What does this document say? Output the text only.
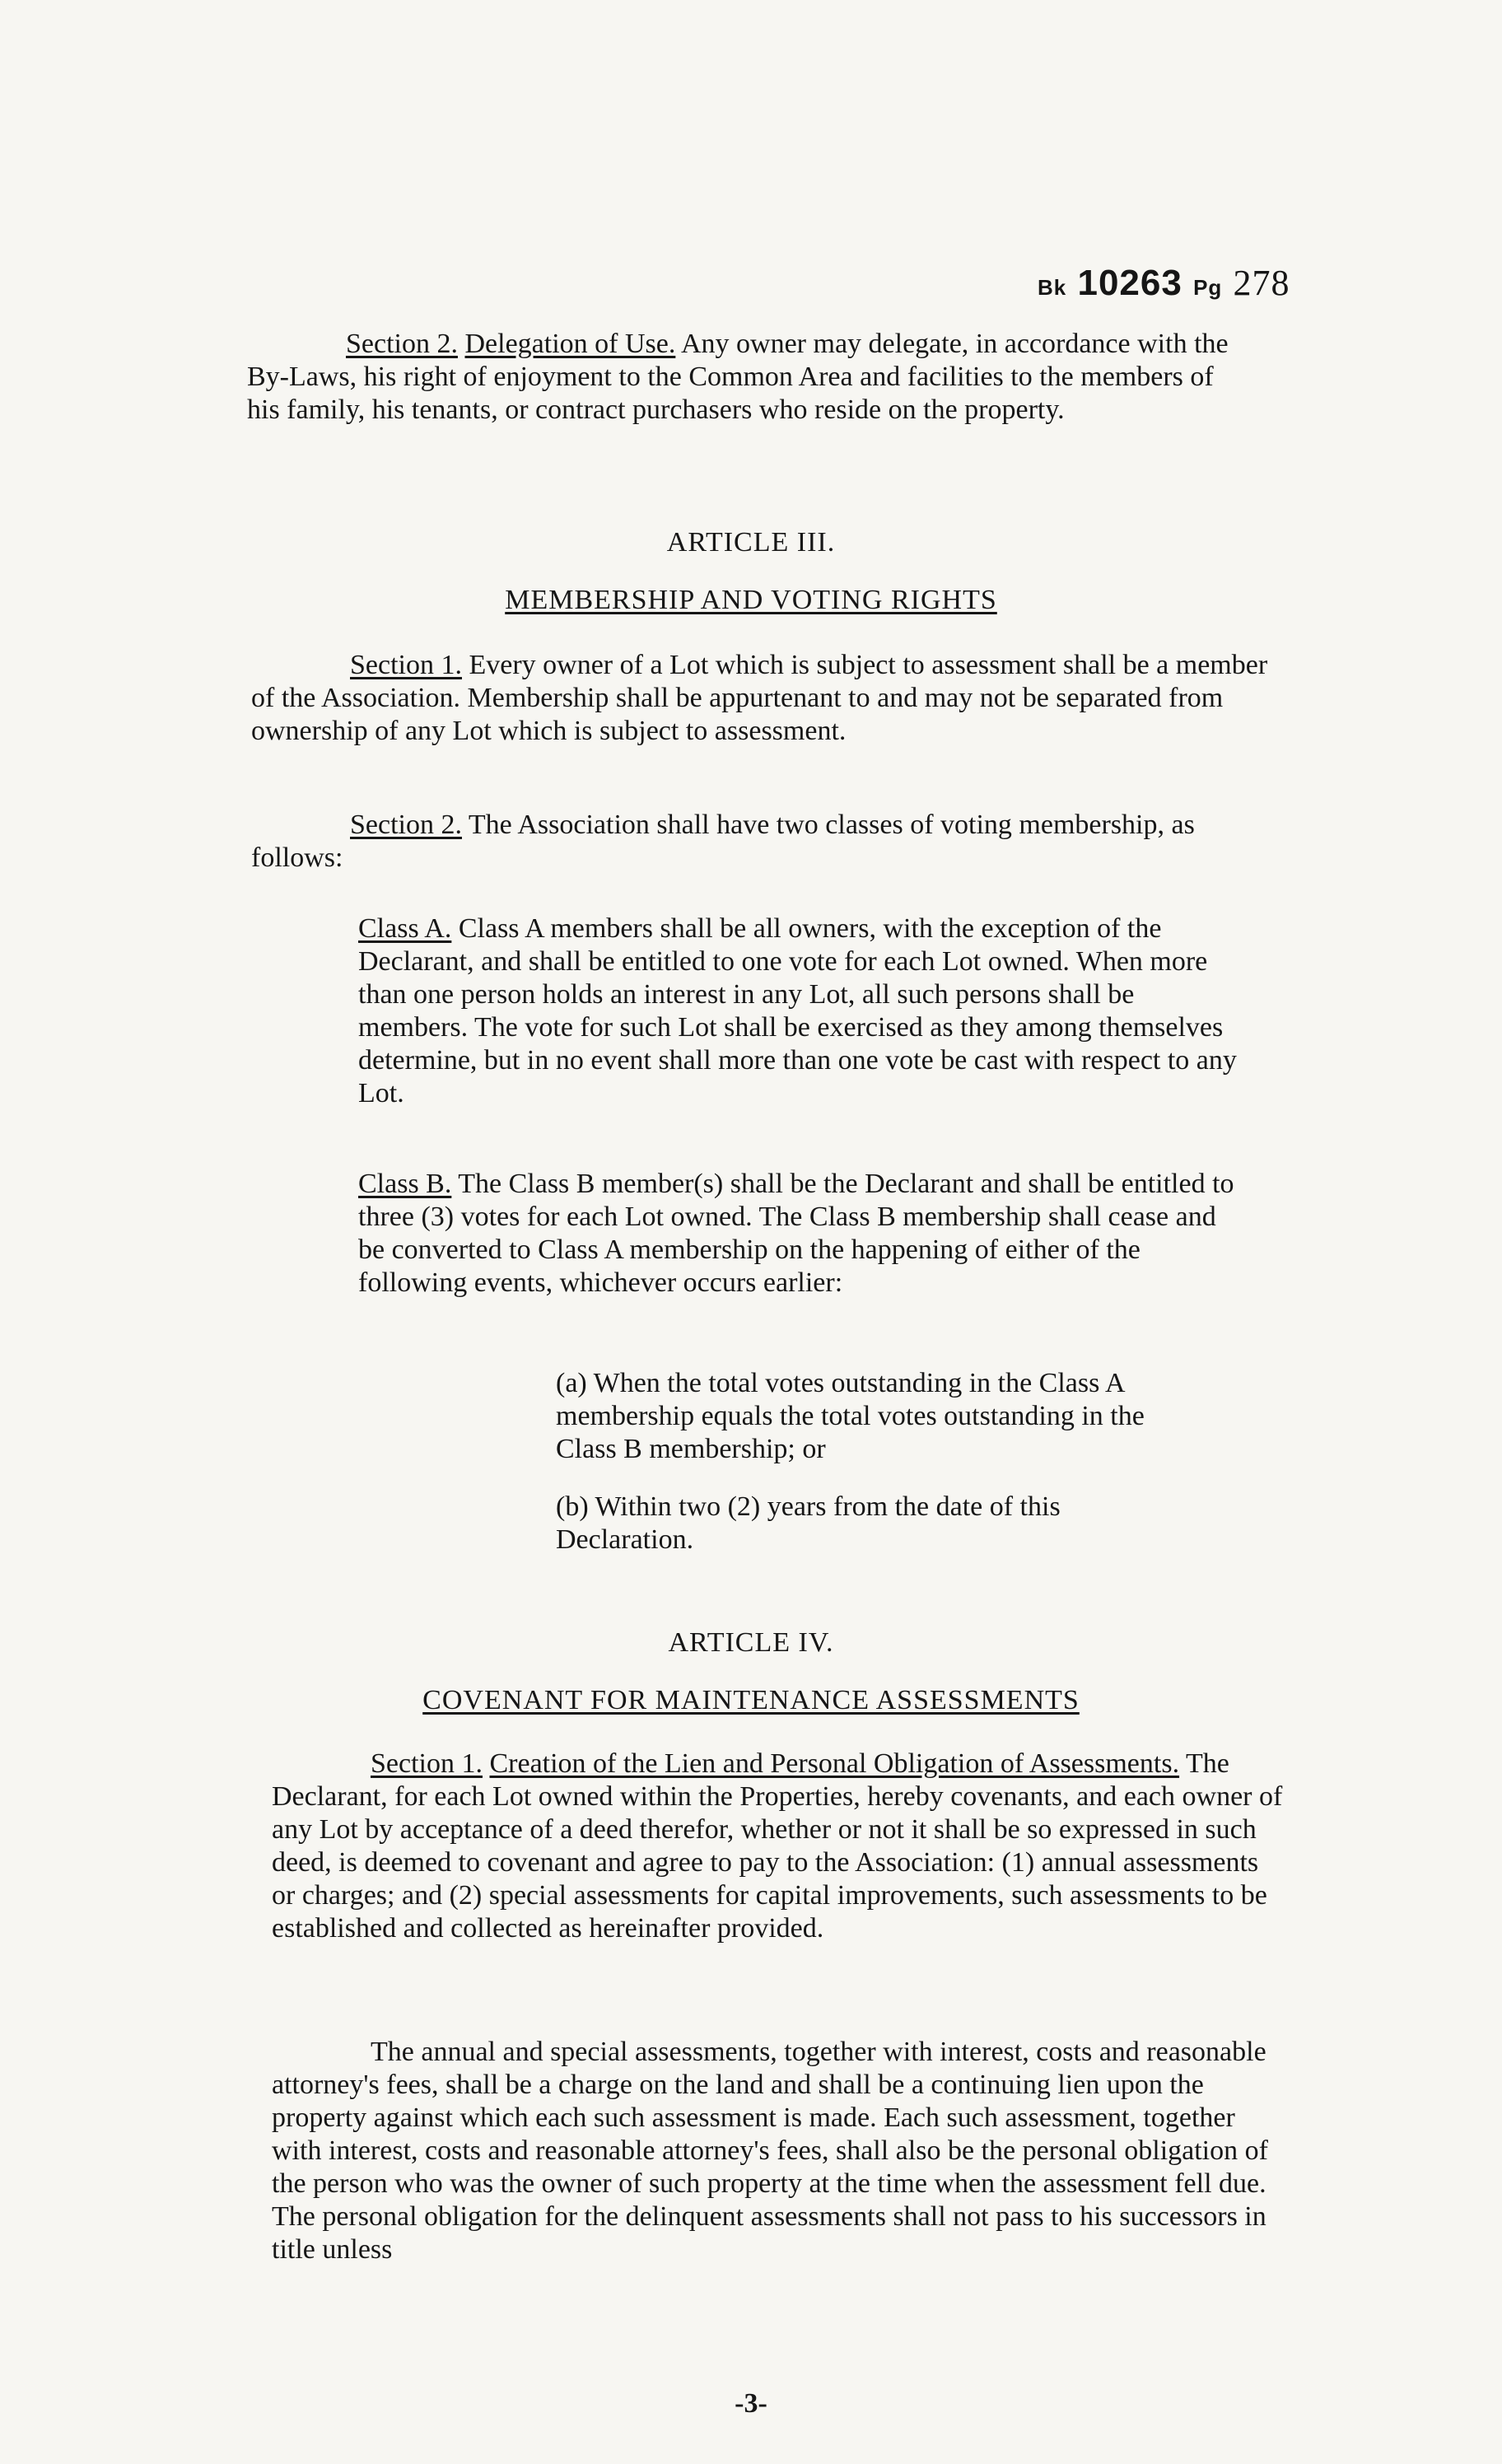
Bk 10263 Pg 278

Section 2. Delegation of Use. Any owner may delegate, in accordance with the By-Laws, his right of enjoyment to the Common Area and facilities to the members of his family, his tenants, or contract purchasers who reside on the property.

ARTICLE III.
MEMBERSHIP AND VOTING RIGHTS

Section 1. Every owner of a Lot which is subject to assessment shall be a member of the Association. Membership shall be appurtenant to and may not be separated from ownership of any Lot which is subject to assessment.

Section 2. The Association shall have two classes of voting membership, as follows:

Class A. Class A members shall be all owners, with the exception of the Declarant, and shall be entitled to one vote for each Lot owned. When more than one person holds an interest in any Lot, all such persons shall be members. The vote for such Lot shall be exercised as they among themselves determine, but in no event shall more than one vote be cast with respect to any Lot.

Class B. The Class B member(s) shall be the Declarant and shall be entitled to three (3) votes for each Lot owned. The Class B membership shall cease and be converted to Class A membership on the happening of either of the following events, whichever occurs earlier:

(a) When the total votes outstanding in the Class A membership equals the total votes outstanding in the Class B membership; or
(b) Within two (2) years from the date of this Declaration.
ARTICLE IV.
COVENANT FOR MAINTENANCE ASSESSMENTS

Section 1. Creation of the Lien and Personal Obligation of Assessments. The Declarant, for each Lot owned within the Properties, hereby covenants, and each owner of any Lot by acceptance of a deed therefor, whether or not it shall be so expressed in such deed, is deemed to covenant and agree to pay to the Association: (1) annual assessments or charges; and (2) special assessments for capital improvements, such assessments to be established and collected as hereinafter provided.

The annual and special assessments, together with interest, costs and reasonable attorney's fees, shall be a charge on the land and shall be a continuing lien upon the property against which each such assessment is made. Each such assessment, together with interest, costs and reasonable attorney's fees, shall also be the personal obligation of the person who was the owner of such property at the time when the assessment fell due. The personal obligation for the delinquent assessments shall not pass to his successors in title unless

-3-
